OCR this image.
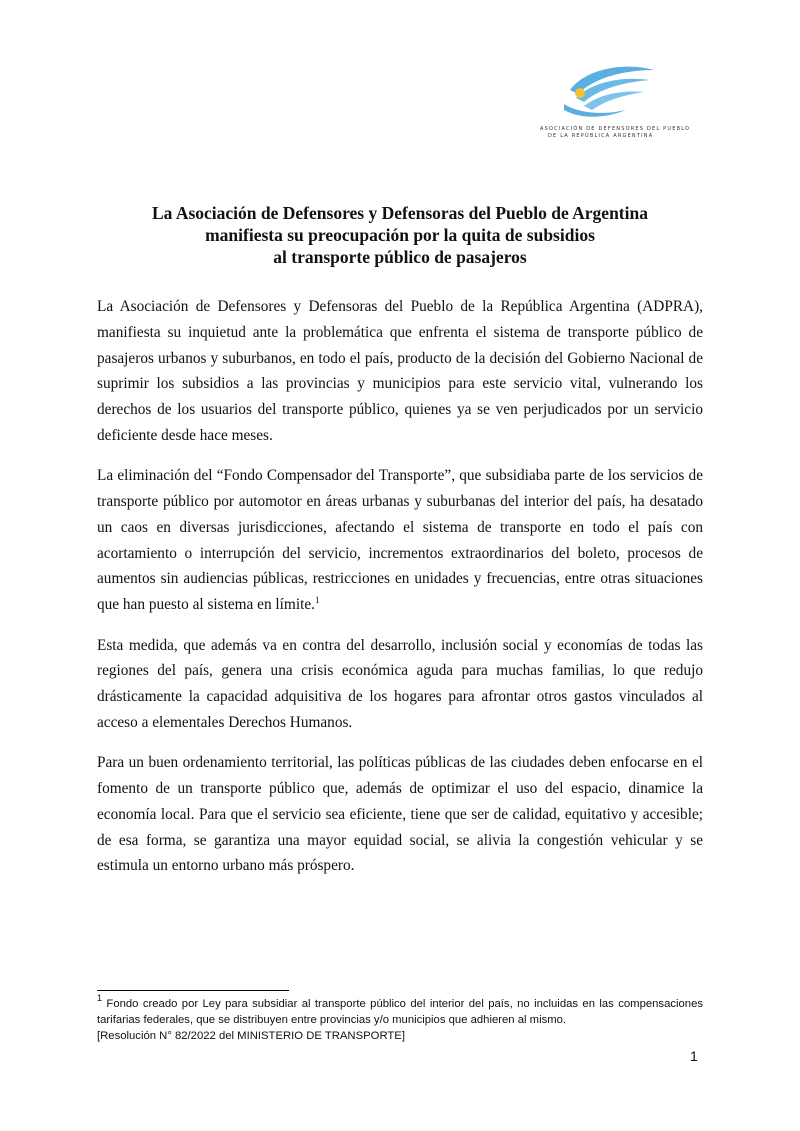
ASOCIACIÓN DE DEFENSORES DEL PUEBLO
DE LA REPÚBLICA ARGENTINA
La Asociación de Defensores y Defensoras del Pueblo de Argentina
manifiesta su preocupación por la quita de subsidios
al transporte público de pasajeros

La Asociación de Defensores y Defensoras del Pueblo de la República Argentina (ADPRA), manifiesta su inquietud ante la problemática que enfrenta el sistema de transporte público de pasajeros urbanos y suburbanos, en todo el país, producto de la decisión del Gobierno Nacional de suprimir los subsidios a las provincias y municipios para este servicio vital, vulnerando los derechos de los usuarios del transporte público, quienes ya se ven perjudicados por un servicio deficiente desde hace meses.

La eliminación del “Fondo Compensador del Transporte”, que subsidiaba parte de los servicios de transporte público por automotor en áreas urbanas y suburbanas del interior del país, ha desatado un caos en diversas jurisdicciones, afectando el sistema de transporte en todo el país con acortamiento o interrupción del servicio, incrementos extraordinarios del boleto, procesos de aumentos sin audiencias públicas, restricciones en unidades y frecuencias, entre otras situaciones que han puesto al sistema en límite.$^1$

Esta medida, que además va en contra del desarrollo, inclusión social y economías de todas las regiones del país, genera una crisis económica aguda para muchas familias, lo que redujo drásticamente la capacidad adquisitiva de los hogares para afrontar otros gastos vinculados al acceso a elementales Derechos Humanos.

Para un buen ordenamiento territorial, las políticas públicas de las ciudades deben enfocarse en el fomento de un transporte público que, además de optimizar el uso del espacio, dinamice la economía local. Para que el servicio sea eficiente, tiene que ser de calidad, equitativo y accesible; de esa forma, se garantiza una mayor equidad social, se alivia la congestión vehicular y se estimula un entorno urbano más próspero.

$^1$ Fondo creado por Ley para subsidiar al transporte público del interior del país, no incluidas en las compensaciones tarifarias federales, que se distribuyen entre provincias y/o municipios que adhieren al mismo.

[Resolución N° 82/2022 del MINISTERIO DE TRANSPORTE]

1
